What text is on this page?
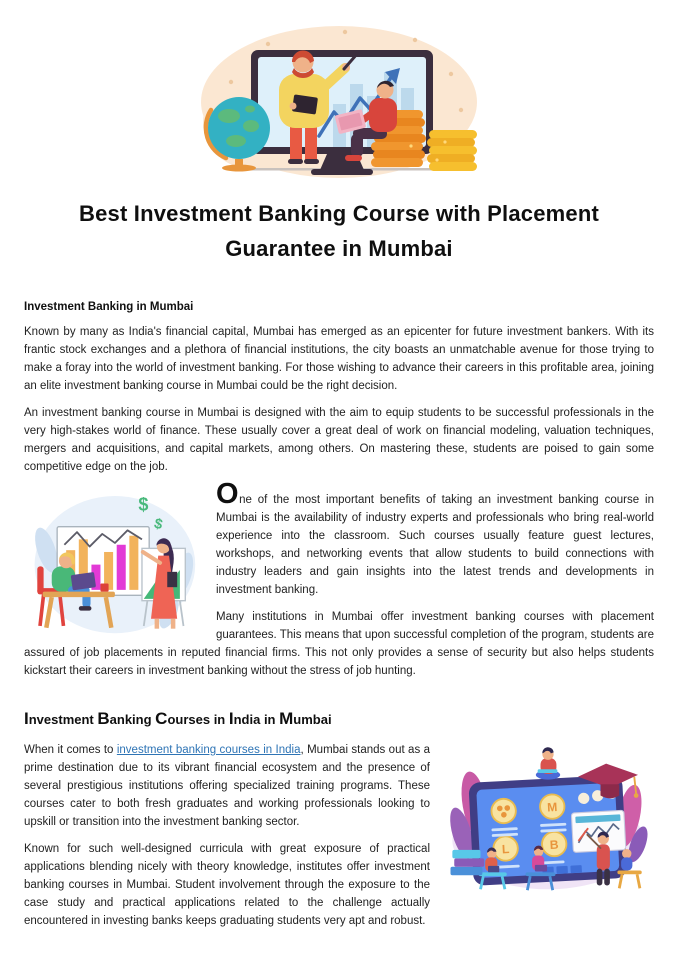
Best Investment Banking Course with Placement
Guarantee in Mumbai
Investment Banking in Mumbai

Known by many as India's financial capital, Mumbai has emerged as an epicenter for future investment bankers. With its frantic stock exchanges and a plethora of financial institutions, the city boasts an unmatchable avenue for those trying to make a foray into the world of investment banking. For those wishing to advance their careers in this profitable area, joining an elite investment banking course in Mumbai could be the right decision.

An investment banking course in Mumbai is designed with the aim to equip students to be successful professionals in the very high-stakes world of finance. These usually cover a great deal of work on financial modeling, valuation techniques, mergers and acquisitions, and capital markets, among others. On mastering these, students are poised to gain some competitive edge on the job.

$
$

One of the most important benefits of taking an investment banking course in Mumbai is the availability of industry experts and professionals who bring real-world experience into the classroom. Such courses usually feature guest lectures, workshops, and networking events that allow students to build connections with industry leaders and gain insights into the latest trends and developments in investment banking.

Many institutions in Mumbai offer investment banking courses with placement guarantees. This means that upon successful completion of the program, students are assured of job placements in reputed financial firms. This not only provides a sense of security but also helps students kickstart their careers in investment banking without the stress of job hunting.

Investment Banking Courses in India in Mumbai
M
L	B

When it comes to investment banking courses in India, Mumbai stands out as a prime destination due to its vibrant financial ecosystem and the presence of several prestigious institutions offering specialized training programs. These courses cater to both fresh graduates and working professionals looking to upskill or transition into the investment banking sector.

Known for such well-designed curricula with great exposure of practical applications blending nicely with theory knowledge, institutes offer investment banking courses in Mumbai. Student involvement through the exposure to the case study and practical applications related to the challenge actually encountered in investing banks keeps graduating students very apt and robust.
